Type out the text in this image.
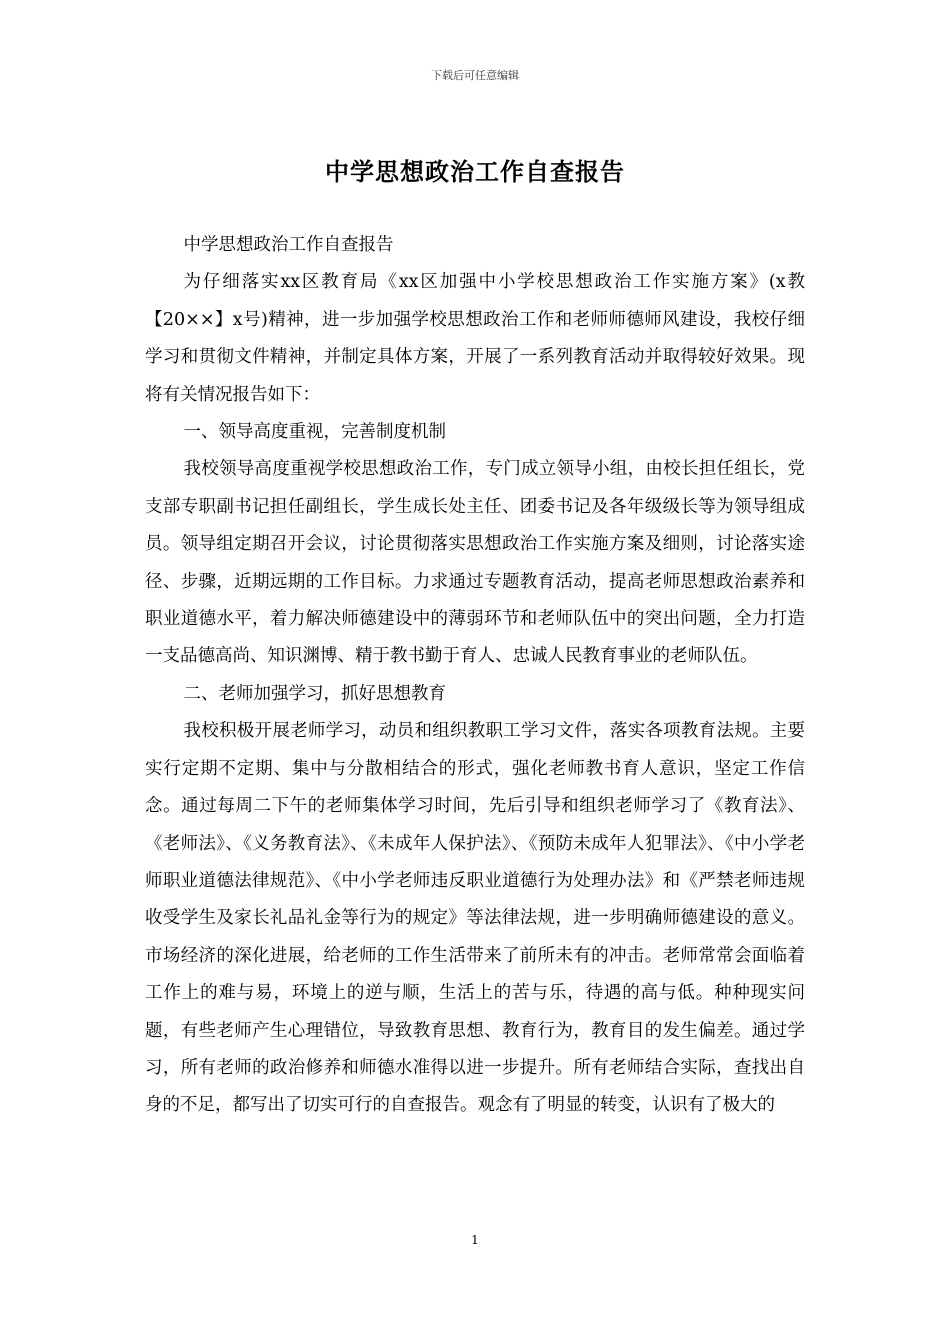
下载后可任意编辑
中学思想政治工作自查报告

中学思想政治工作自查报告

为仔细落实xx区教育局《xx区加强中小学校思想政治工作实施方案》(x教【20××】x号)精神，进一步加强学校思想政治工作和老师师德师风建设，我校仔细学习和贯彻文件精神，并制定具体方案，开展了一系列教育活动并取得较好效果。现将有关情况报告如下：

一、领导高度重视，完善制度机制

我校领导高度重视学校思想政治工作，专门成立领导小组，由校长担任组长，党支部专职副书记担任副组长，学生成长处主任、团委书记及各年级级长等为领导组成员。领导组定期召开会议，讨论贯彻落实思想政治工作实施方案及细则，讨论落实途径、步骤，近期远期的工作目标。力求通过专题教育活动，提高老师思想政治素养和职业道德水平，着力解决师德建设中的薄弱环节和老师队伍中的突出问题，全力打造一支品德高尚、知识渊博、精于教书勤于育人、忠诚人民教育事业的老师队伍。

二、老师加强学习，抓好思想教育

我校积极开展老师学习，动员和组织教职工学习文件，落实各项教育法规。主要实行定期不定期、集中与分散相结合的形式，强化老师教书育人意识，坚定工作信念。通过每周二下午的老师集体学习时间，先后引导和组织老师学习了《教育法》、《老师法》、《义务教育法》、《未成年人保护法》、《预防未成年人犯罪法》、《中小学老师职业道德法律规范》、《中小学老师违反职业道德行为处理办法》和《严禁老师违规收受学生及家长礼品礼金等行为的规定》等法律法规，进一步明确师德建设的意义。市场经济的深化进展，给老师的工作生活带来了前所未有的冲击。老师常常会面临着工作上的难与易，环境上的逆与顺，生活上的苦与乐，待遇的高与低。种种现实问题，有些老师产生心理错位，导致教育思想、教育行为，教育目的发生偏差。通过学习，所有老师的政治修养和师德水准得以进一步提升。所有老师结合实际，查找出自身的不足，都写出了切实可行的自查报告。观念有了明显的转变，认识有了极大的

1
